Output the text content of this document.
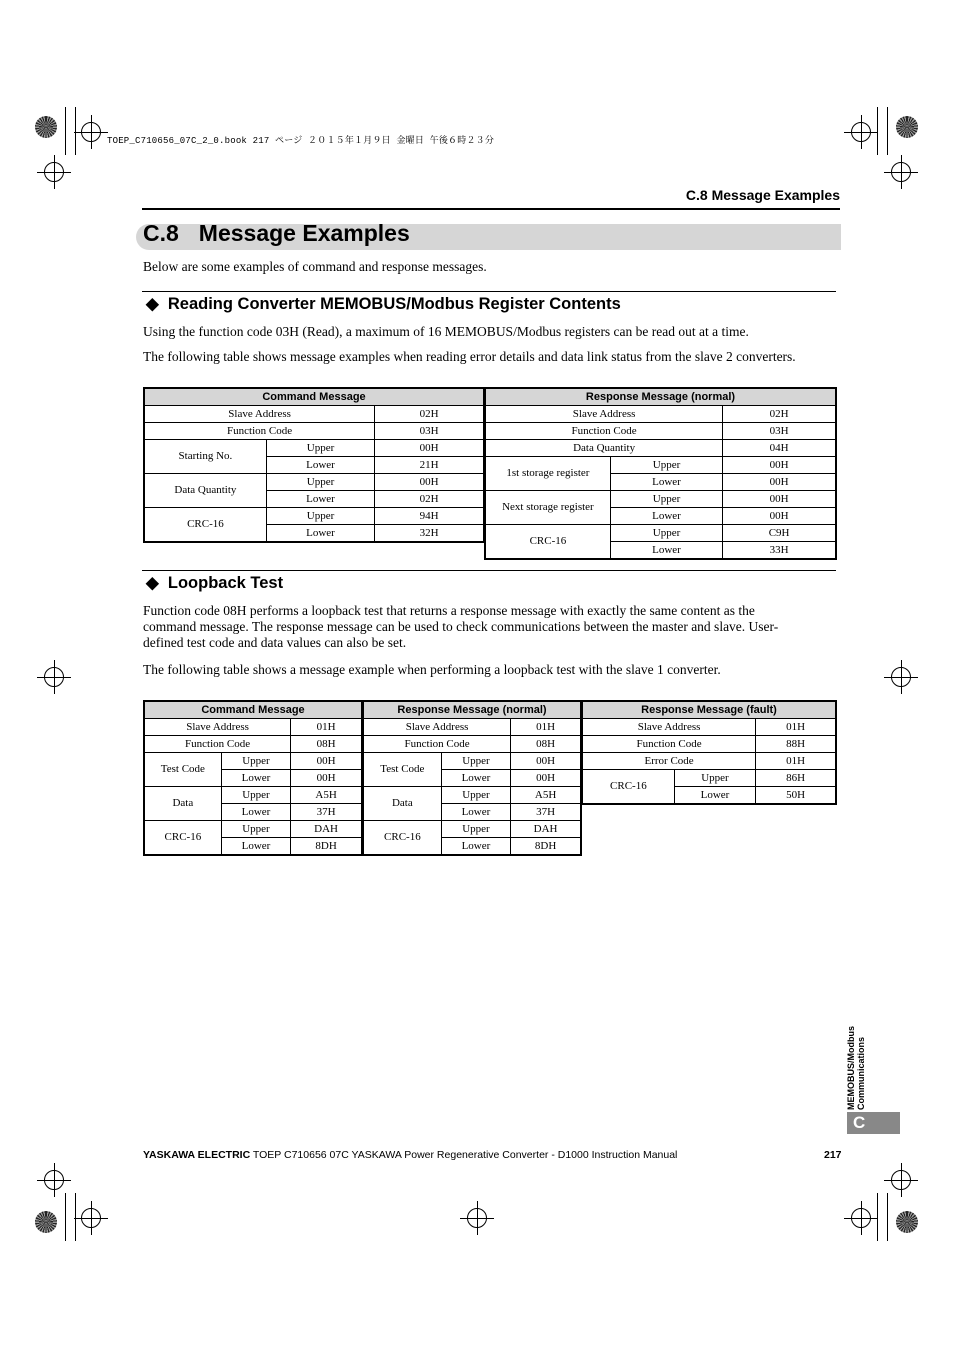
TOEP_C710656_07C_2_0.book 217 ページ ２０１５年１月９日 金曜日 午後６時２３分
C.8 Message Examples
C.8 Message Examples
Below are some examples of command and response messages.
◆ Reading Converter MEMOBUS/Modbus Register Contents
Using the function code 03H (Read), a maximum of 16 MEMOBUS/Modbus registers can be read out at a time.
The following table shows message examples when reading error details and data link status from the slave 2 converters.
Command Message		
Slave Address		02H
Function Code		03H
Starting No.	Upper	00H
	Lower	21H
Data Quantity	Upper	00H
	Lower	02H
CRC-16	Upper	94H
	Lower	32H
Response Message (normal)		
Slave Address		02H
Function Code		03H
Data Quantity		04H
1st storage register	Upper	00H
	Lower	00H
Next storage register	Upper	00H
	Lower	00H
CRC-16	Upper	C9H
	Lower	33H
◆ Loopback Test
Function code 08H performs a loopback test that returns a response message with exactly the same content as the command message. The response message can be used to check communications between the master and slave. User-defined test code and data values can also be set.
The following table shows a message example when performing a loopback test with the slave 1 converter.
Command Message		
Slave Address		01H
Function Code		08H
Test Code	Upper	00H
	Lower	00H
Data	Upper	A5H
	Lower	37H
CRC-16	Upper	DAH
	Lower	8DH
Response Message (normal)		
Slave Address		01H
Function Code		08H
Test Code	Upper	00H
	Lower	00H
Data	Upper	A5H
	Lower	37H
CRC-16	Upper	DAH
	Lower	8DH
Response Message (fault)		
Slave Address		01H
Function Code		88H
Error Code		01H
CRC-16	Upper	86H
	Lower	50H
MEMOBUS/Modbus Communications
C
YASKAWA ELECTRIC TOEP C710656 07C YASKAWA Power Regenerative Converter - D1000 Instruction Manual	217
